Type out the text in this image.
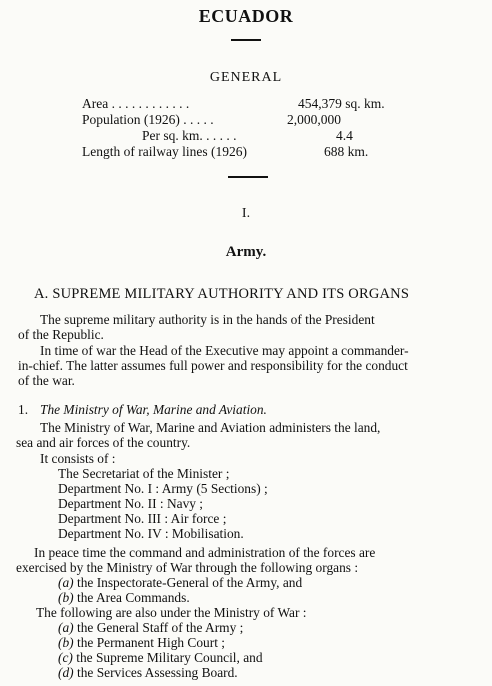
ECUADOR
GENERAL
Area . . . . . . . . . . . .	454,379 sq. km.
Population (1926) . . . . .	2,000,000
Per sq. km. . . . . .	4.4
Length of railway lines (1926)	688 km.
I.
Army.
A. SUPREME MILITARY AUTHORITY AND ITS ORGANS
The supreme military authority is in the hands of the President
of the Republic.
In time of war the Head of the Executive may appoint a commander-
in-chief. The latter assumes full power and responsibility for the conduct
of the war.
1. The Ministry of War, Marine and Aviation.
The Ministry of War, Marine and Aviation administers the land,
sea and air forces of the country.
It consists of :
The Secretariat of the Minister ;
Department No. I : Army (5 Sections) ;
Department No. II : Navy ;
Department No. III : Air force ;
Department No. IV : Mobilisation.
In peace time the command and administration of the forces are
exercised by the Ministry of War through the following organs :
(a) the Inspectorate-General of the Army, and
(b) the Area Commands.
The following are also under the Ministry of War :
(a) the General Staff of the Army ;
(b) the Permanent High Court ;
(c) the Supreme Military Council, and
(d) the Services Assessing Board.
